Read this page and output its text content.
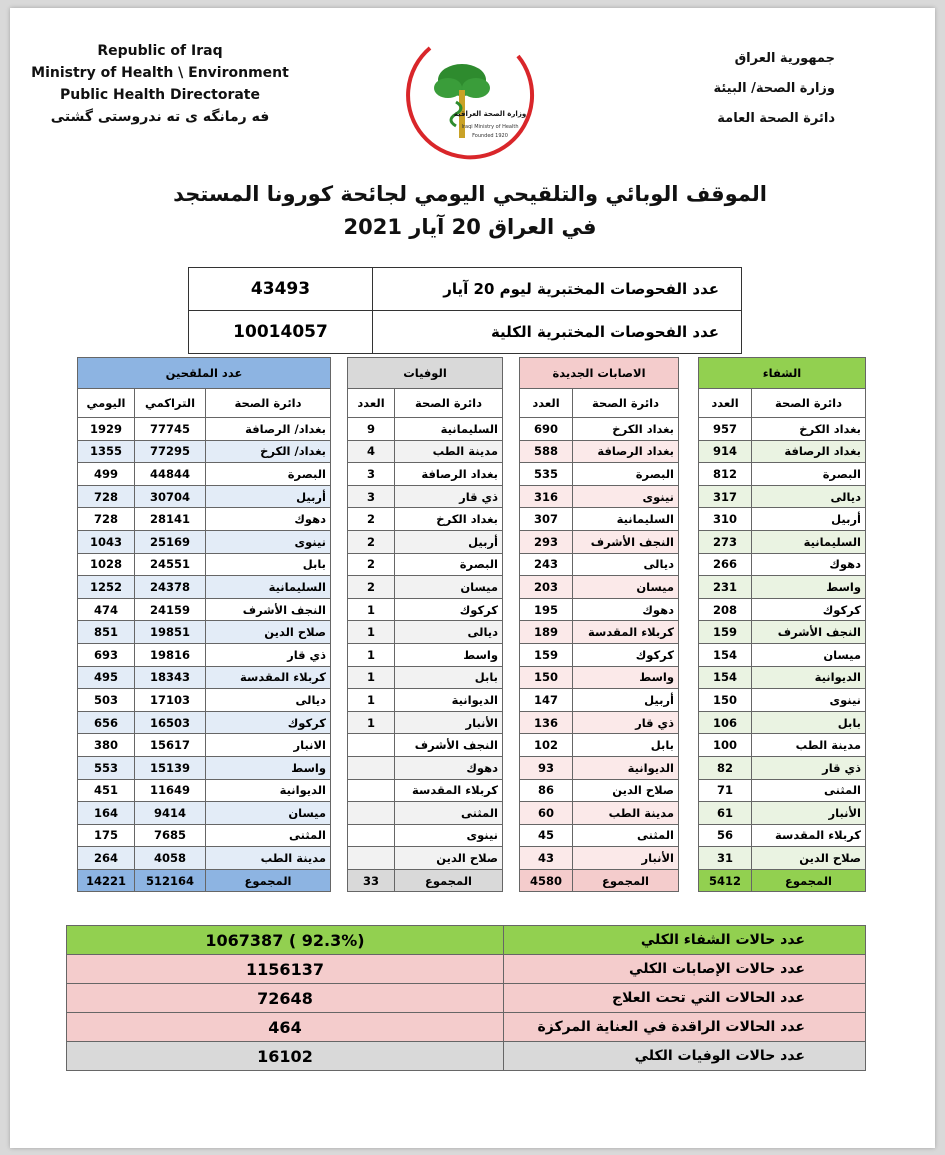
Republic of Iraq
Ministry of Health \ Environment
Public Health Directorate
فه رمانگه ی ته ندروستی گشتی
جمهورية العراق
وزارة الصحة/ البيئة
دائرة الصحة العامة
وزارة الصحة العراقية
Iraqi Ministry of Health
Founded 1920
الموقف الوبائي والتلقيحي اليومي لجائحة كورونا المستجد
في العراق 20 آيار 2021
43493	عدد الفحوصات المختبرية ليوم 20 آيار
10014057	عدد الفحوصات المختبرية الكلية
عدد الملقحين		
اليومي	التراكمي	دائرة الصحة
1929	77745	بغداد/ الرصافة
1355	77295	بغداد/ الكرخ
499	44844	البصرة
728	30704	أربيل
728	28141	دهوك
1043	25169	نينوى
1028	24551	بابل
1252	24378	السليمانية
474	24159	النجف الأشرف
851	19851	صلاح الدين
693	19816	ذي قار
495	18343	كربلاء المقدسة
503	17103	ديالى
656	16503	كركوك
380	15617	الانبار
553	15139	واسط
451	11649	الديوانية
164	9414	ميسان
175	7685	المثنى
264	4058	مدينة الطب
14221	512164	المجموع
الوفيات	
العدد	دائرة الصحة
9	السليمانية
4	مدينة الطب
3	بغداد الرصافة
3	ذي قار
2	بغداد الكرخ
2	أربيل
2	البصرة
2	ميسان
1	كركوك
1	ديالى
1	واسط
1	بابل
1	الديوانية
1	الأنبار
	النجف الأشرف
	دهوك
	كربلاء المقدسة
	المثنى
	نينوى
	صلاح الدين
33	المجموع
الاصابات الجديدة	
العدد	دائرة الصحة
690	بغداد الكرخ
588	بغداد الرصافة
535	البصرة
316	نينوى
307	السليمانية
293	النجف الأشرف
243	ديالى
203	ميسان
195	دهوك
189	كربلاء المقدسة
159	كركوك
150	واسط
147	أربيل
136	ذي قار
102	بابل
93	الديوانية
86	صلاح الدين
60	مدينة الطب
45	المثنى
43	الأنبار
4580	المجموع
الشفاء	
العدد	دائرة الصحة
957	بغداد الكرخ
914	بغداد الرصافة
812	البصرة
317	ديالى
310	أربيل
273	السليمانية
266	دهوك
231	واسط
208	كركوك
159	النجف الأشرف
154	ميسان
154	الديوانية
150	نينوى
106	بابل
100	مدينة الطب
82	ذي قار
71	المثنى
61	الأنبار
56	كربلاء المقدسة
31	صلاح الدين
5412	المجموع
1067387 ( 92.3%)	عدد حالات الشفاء الكلي
1156137	عدد حالات الإصابات الكلي
72648	عدد الحالات التي تحت العلاج
464	عدد الحالات الراقدة في العناية المركزة
16102	عدد حالات الوفيات الكلي
